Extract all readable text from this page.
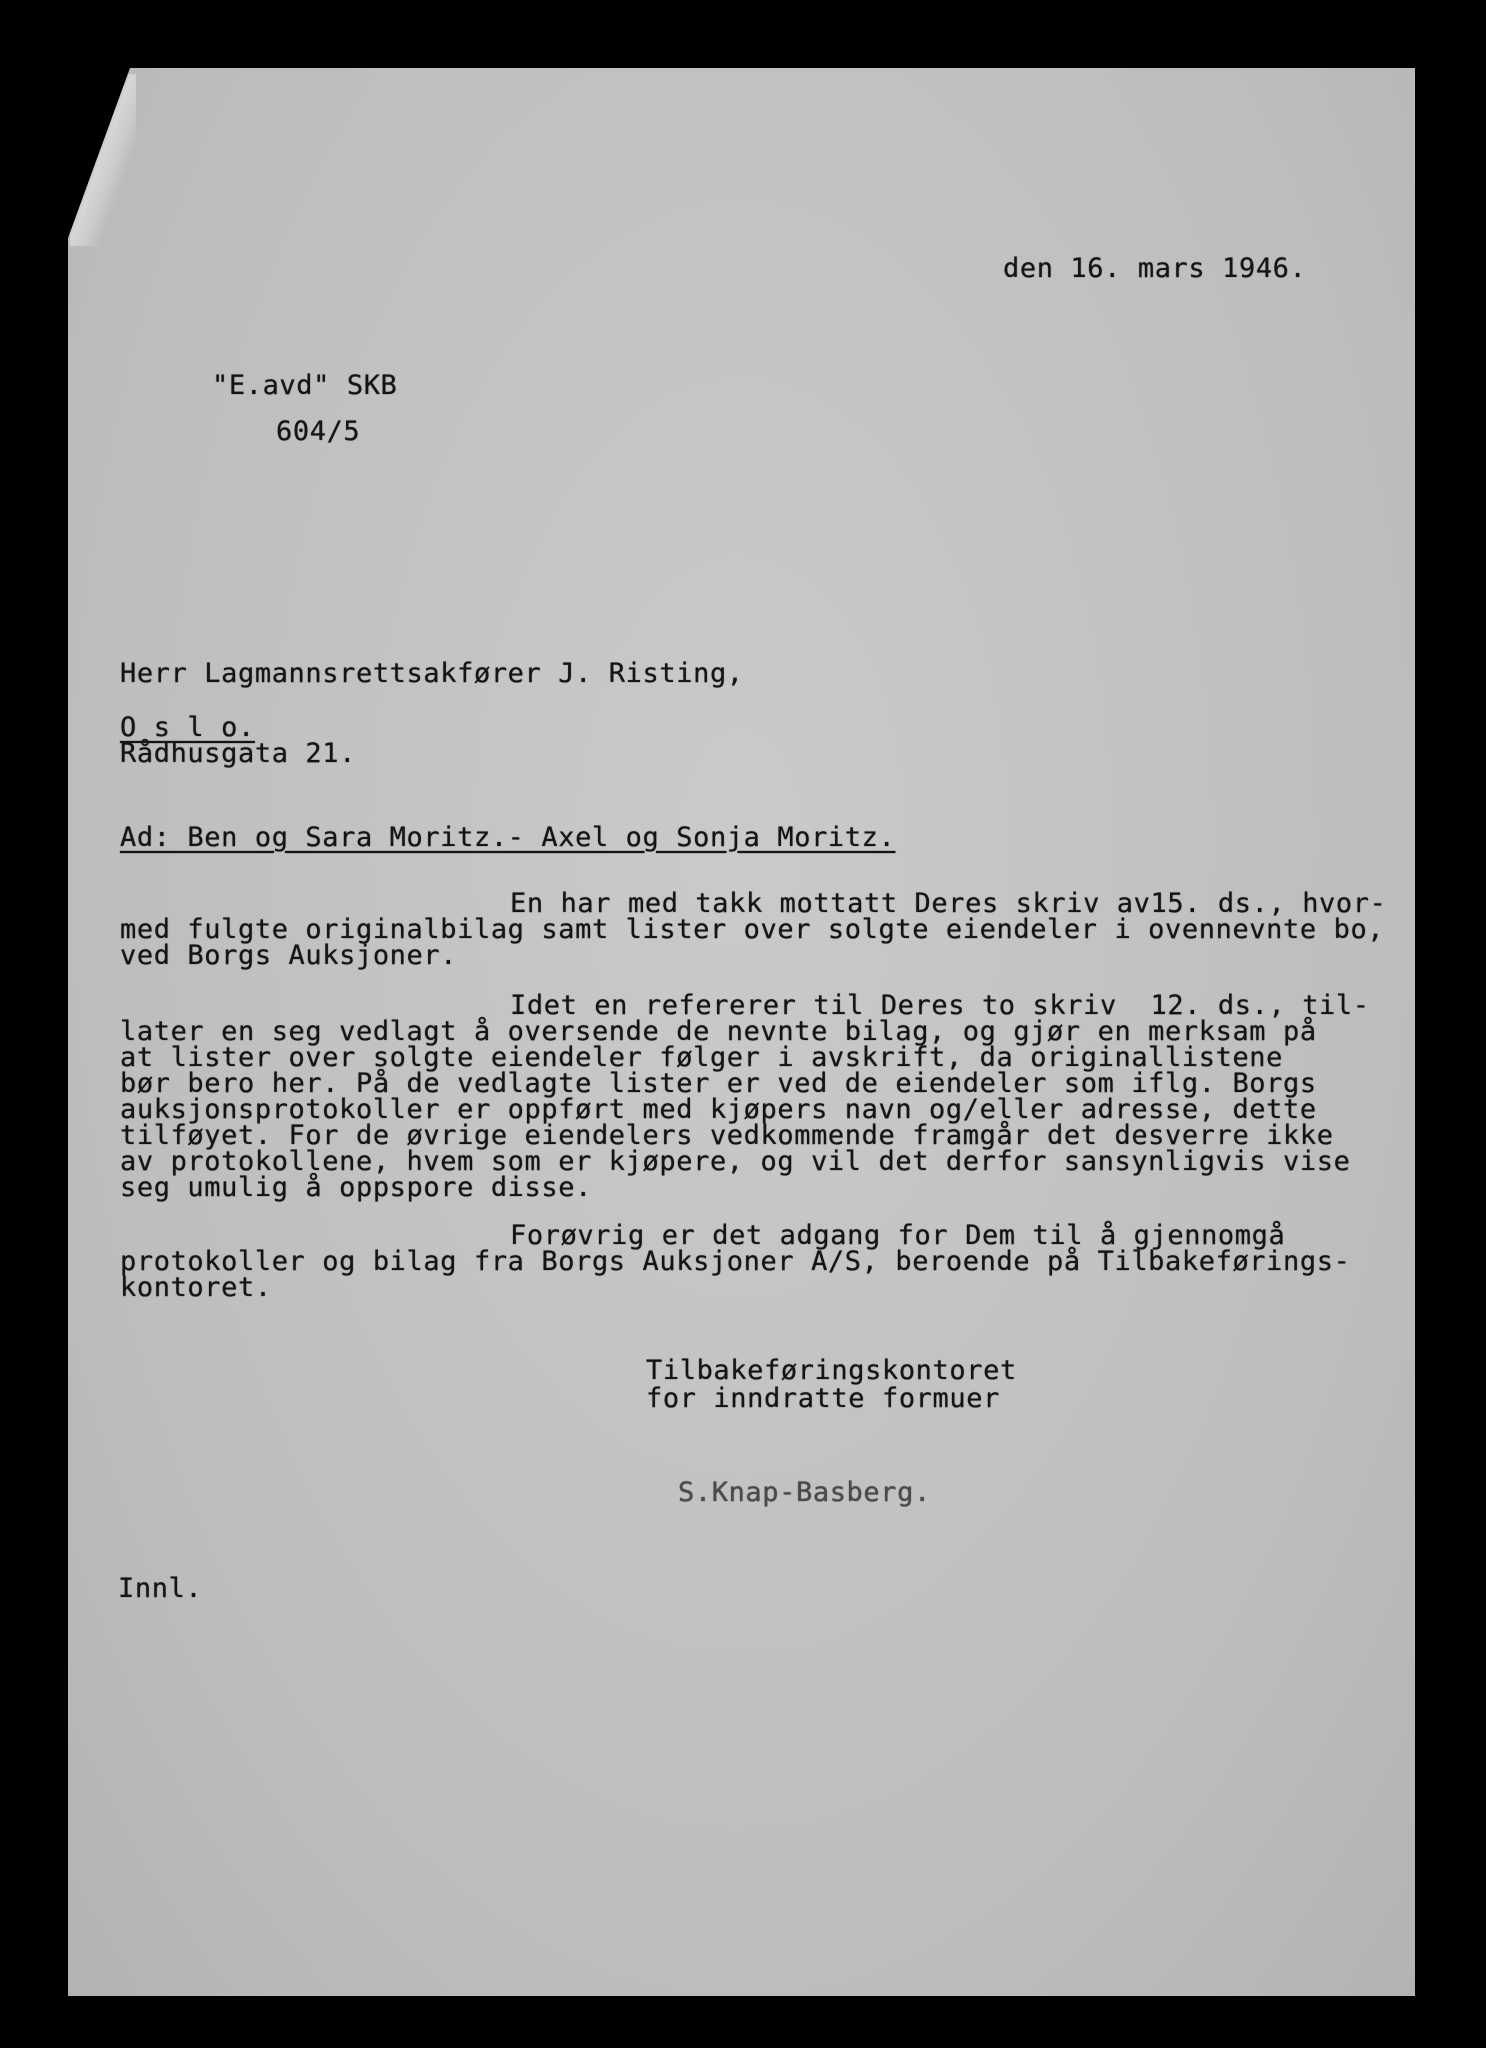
den 16. mars 1946.
"E.avd" SKB
604/5
Herr Lagmannsrettsakfører J. Risting,
O s l o.
Rådhusgata 21.
Ad: Ben og Sara Moritz.- Axel og Sonja Moritz.
En har med takk mottatt Deres skriv av15. ds., hvor-
med fulgte originalbilag samt lister over solgte eiendeler i ovennevnte bo,
ved Borgs Auksjoner.
Idet en refererer til Deres to skriv  12. ds., til-
later en seg vedlagt å oversende de nevnte bilag, og gjør en merksam på
at lister over solgte eiendeler følger i avskrift, da originallistene
bør bero her. På de vedlagte lister er ved de eiendeler som iflg. Borgs
auksjonsprotokoller er oppført med kjøpers navn og/eller adresse, dette
tilføyet. For de øvrige eiendelers vedkommende framgår det desverre ikke
av protokollene, hvem som er kjøpere, og vil det derfor sansynligvis vise
seg umulig å oppspore disse.
Forøvrig er det adgang for Dem til å gjennomgå
protokoller og bilag fra Borgs Auksjoner A/S, beroende på Tilbakeførings-
kontoret.
Tilbakeføringskontoret
for inndratte formuer
S.Knap-Basberg.
Innl.
